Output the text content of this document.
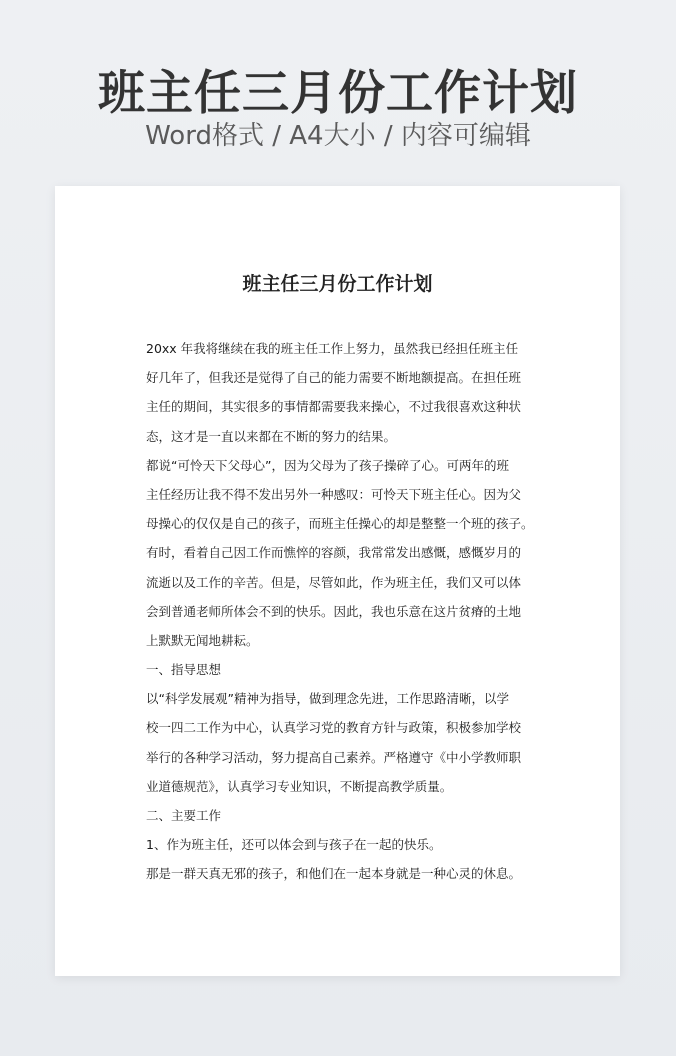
班主任三月份工作计划
Word格式 / A4大小 / 内容可编辑
班主任三月份工作计划
20xx 年我将继续在我的班主任工作上努力，虽然我已经担任班主任
好几年了，但我还是觉得了自己的能力需要不断地额提高。在担任班
主任的期间，其实很多的事情都需要我来操心，不过我很喜欢这种状
态，这才是一直以来都在不断的努力的结果。
都说“可怜天下父母心”，因为父母为了孩子操碎了心。可两年的班
主任经历让我不得不发出另外一种感叹：可怜天下班主任心。因为父
母操心的仅仅是自己的孩子，而班主任操心的却是整整一个班的孩子。
有时，看着自己因工作而憔悴的容颜，我常常发出感慨，感慨岁月的
流逝以及工作的辛苦。但是，尽管如此，作为班主任，我们又可以体
会到普通老师所体会不到的快乐。因此，我也乐意在这片贫瘠的土地
上默默无闻地耕耘。
一、指导思想
以“科学发展观”精神为指导，做到理念先进，工作思路清晰，以学
校一四二工作为中心，认真学习党的教育方针与政策，积极参加学校
举行的各种学习活动，努力提高自己素养。严格遵守《中小学教师职
业道德规范》，认真学习专业知识，不断提高教学质量。
二、主要工作
1、作为班主任，还可以体会到与孩子在一起的快乐。
那是一群天真无邪的孩子，和他们在一起本身就是一种心灵的休息。
